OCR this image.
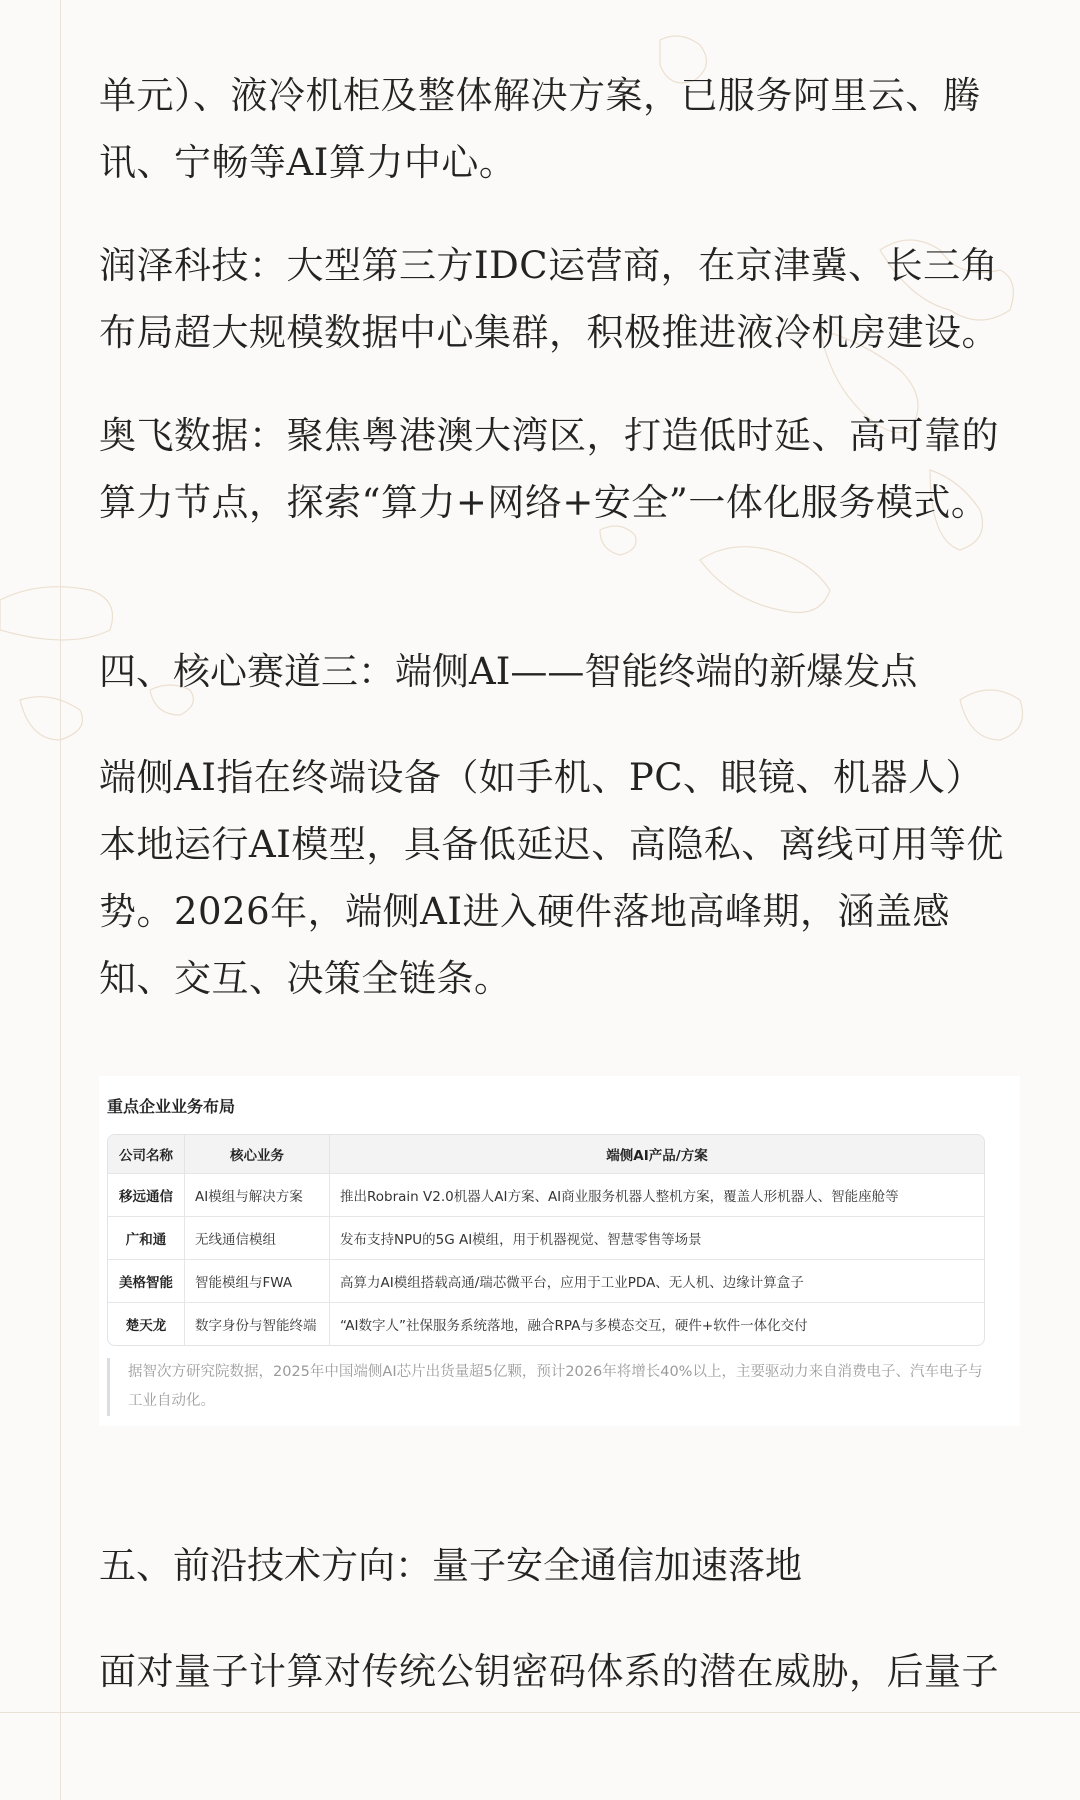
单元）、液冷机柜及整体解决方案，已服务阿里云、腾讯、宁畅等AI算力中心。

润泽科技：大型第三方IDC运营商，在京津冀、长三角布局超大规模数据中心集群，积极推进液冷机房建设。

奥飞数据：聚焦粤港澳大湾区，打造低时延、高可靠的算力节点，探索“算力+网络+安全”一体化服务模式。

四、核心赛道三：端侧AI——智能终端的新爆发点

端侧AI指在终端设备（如手机、PC、眼镜、机器人）本地运行AI模型，具备低延迟、高隐私、离线可用等优势。2026年，端侧AI进入硬件落地高峰期，涵盖感知、交互、决策全链条。

五、前沿技术方向：量子安全通信加速落地

面对量子计算对传统公钥密码体系的潜在威胁，后量子

重点企业业务布局
公司名称	核心业务	端侧AI产品/方案
移远通信	AI模组与解决方案	推出Robrain V2.0机器人AI方案、AI商业服务机器人整机方案，覆盖人形机器人、智能座舱等
广和通	无线通信模组	发布支持NPU的5G AI模组，用于机器视觉、智慧零售等场景
美格智能	智能模组与FWA	高算力AI模组搭载高通/瑞芯微平台，应用于工业PDA、无人机、边缘计算盒子
楚天龙	数字身份与智能终端	“AI数字人”社保服务系统落地，融合RPA与多模态交互，硬件+软件一体化交付
据智次方研究院数据，2025年中国端侧AI芯片出货量超5亿颗，预计2026年将增长40%以上，主要驱动力来自消费电子、汽车电子与工业自动化。
